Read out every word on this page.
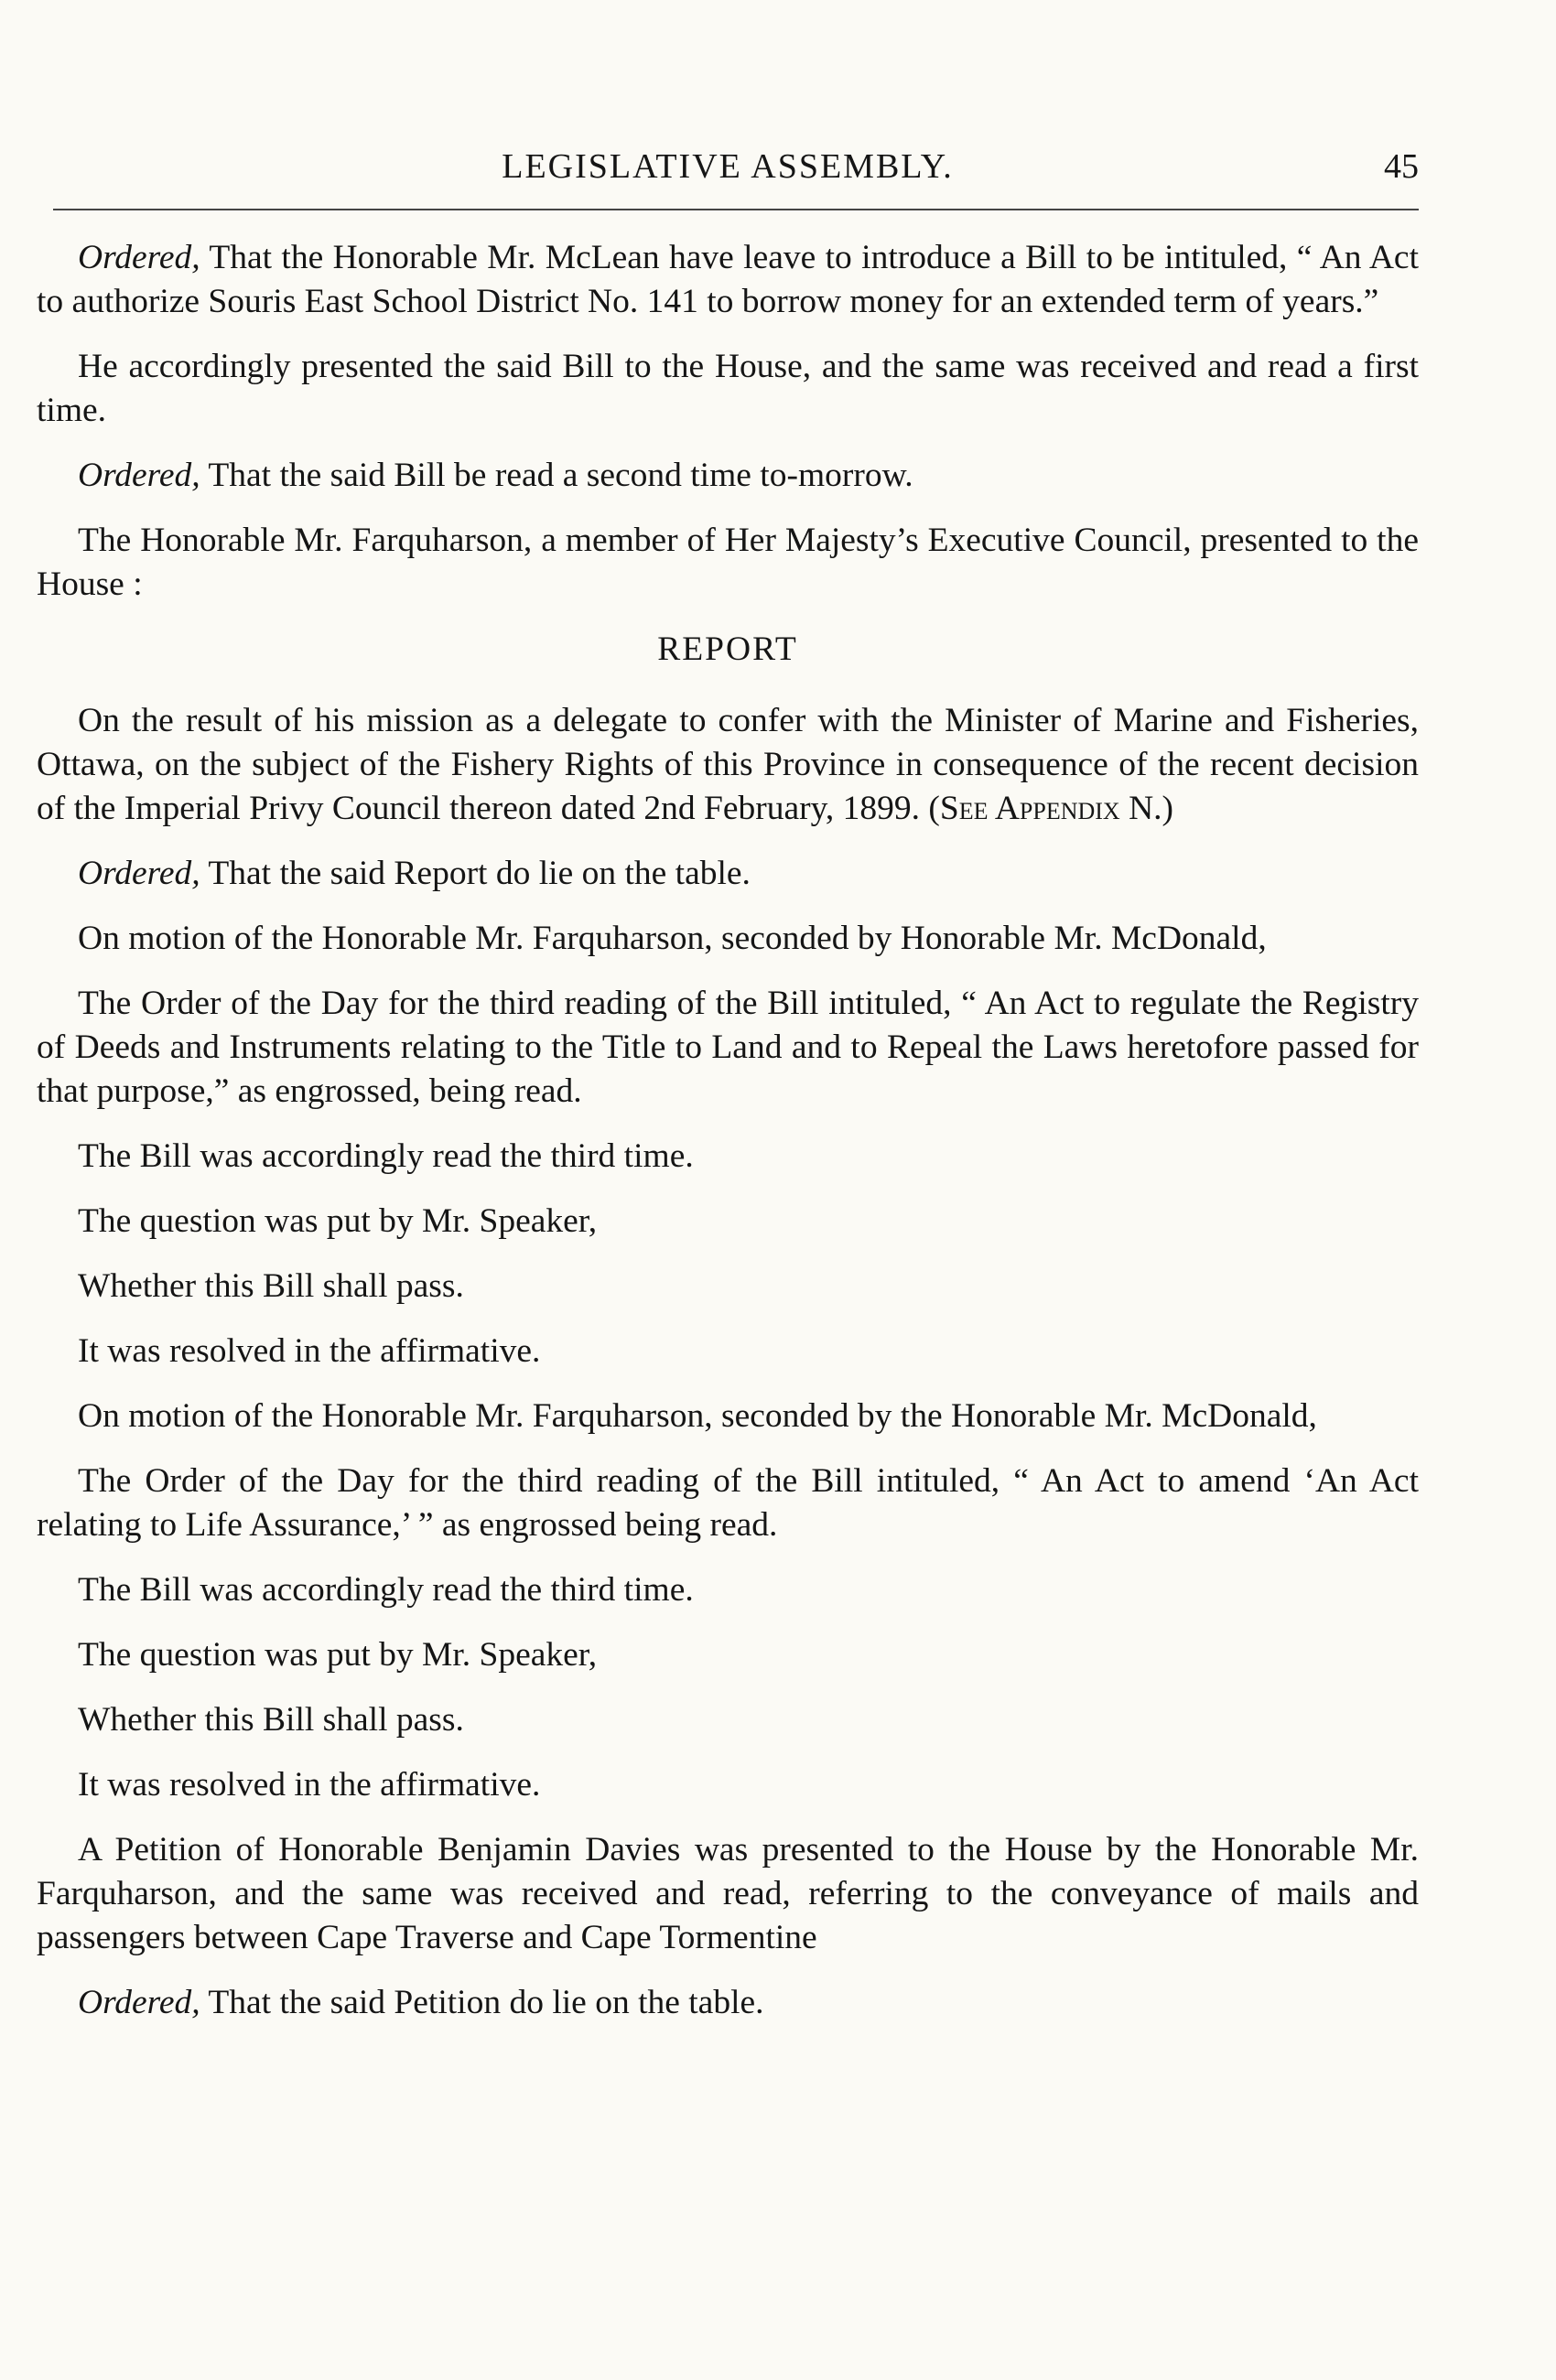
LEGISLATIVE ASSEMBLY.	45

Ordered, That the Honorable Mr. McLean have leave to introduce a Bill to be intituled, “ An Act to authorize Souris East School District No. 141 to borrow money for an extended term of years.”

He accordingly presented the said Bill to the House, and the same was received and read a first time.

Ordered, That the said Bill be read a second time to-morrow.

The Honorable Mr. Farquharson, a member of Her Majesty’s Executive Council, presented to the House :

REPORT

On the result of his mission as a delegate to confer with the Minister of Marine and Fisheries, Ottawa, on the subject of the Fishery Rights of this Province in consequence of the recent decision of the Imperial Privy Council thereon dated 2nd February, 1899. (See Appendix N.)

Ordered, That the said Report do lie on the table.

On motion of the Honorable Mr. Farquharson, seconded by Honorable Mr. McDonald,

The Order of the Day for the third reading of the Bill intituled, “ An Act to regulate the Registry of Deeds and Instruments relating to the Title to Land and to Repeal the Laws heretofore passed for that purpose,” as engrossed, being read.

The Bill was accordingly read the third time.

The question was put by Mr. Speaker,

Whether this Bill shall pass.

It was resolved in the affirmative.

On motion of the Honorable Mr. Farquharson, seconded by the Honorable Mr. McDonald,

The Order of the Day for the third reading of the Bill intituled, “ An Act to amend ‘An Act relating to Life Assurance,’ ” as engrossed being read.

The Bill was accordingly read the third time.

The question was put by Mr. Speaker,

Whether this Bill shall pass.

It was resolved in the affirmative.

A Petition of Honorable Benjamin Davies was presented to the House by the Honorable Mr. Farquharson, and the same was received and read, referring to the conveyance of mails and passengers between Cape Traverse and Cape Tormentine

Ordered, That the said Petition do lie on the table.
